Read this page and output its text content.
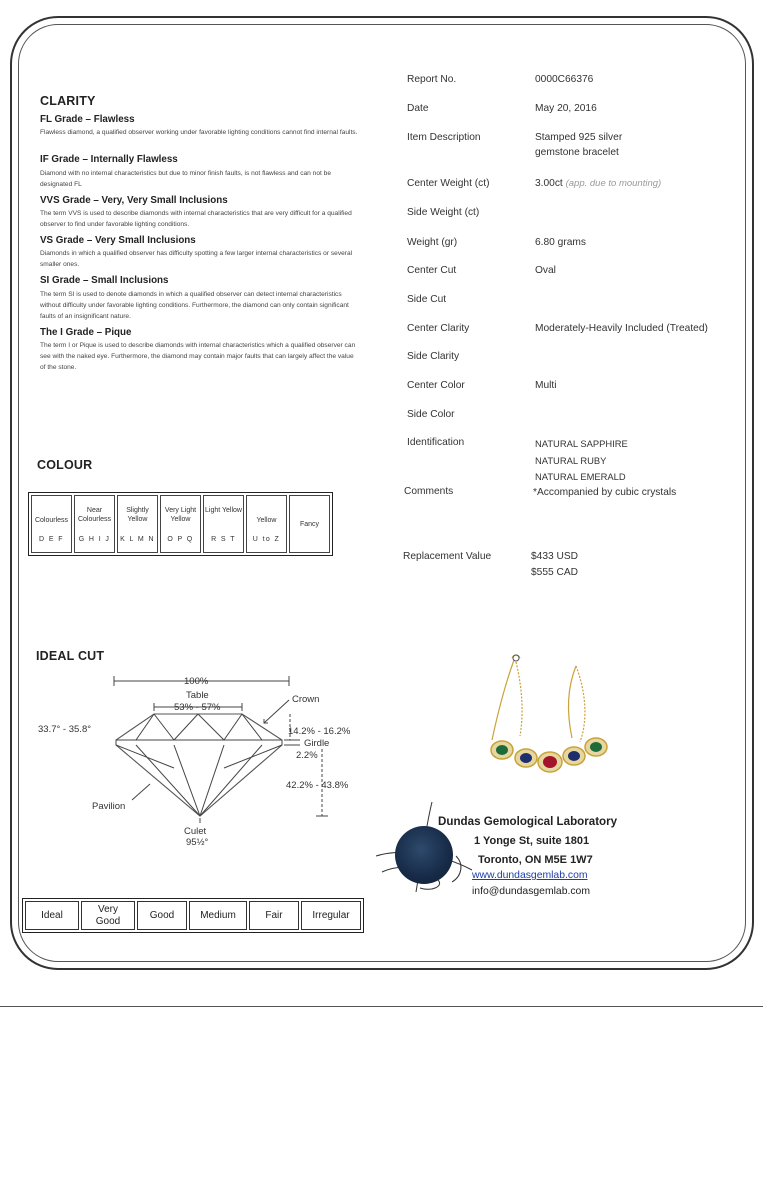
CLARITY
FL Grade – Flawless
Flawless diamond, a qualified observer working under favorable lighting conditions cannot find internal faults.
IF Grade – Internally Flawless
Diamond with no internal characteristics but due to minor finish faults, is not flawless and can not be designated FL
VVS Grade – Very, Very Small Inclusions
The term VVS is used to describe diamonds with internal characteristics that are very difficult for a qualified observer to find under favorable lighting conditions.
VS Grade – Very Small Inclusions
Diamonds in which a qualified observer has difficulty spotting a few larger internal characteristics or several smaller ones.
SI Grade – Small Inclusions
The term SI is used to denote diamonds in which a qualified observer can detect internal characteristics without difficulty under favorable lighting conditions. Furthermore, the diamond can only contain significant faults of an insignificant nature.
The I Grade – Pique
The term I or Pique is used to describe diamonds with internal characteristics which a qualified observer can see with the naked eye. Furthermore, the diamond may contain major faults that can largely affect the value of the stone.
COLOUR
Colourless
D E F

Near Colourless
G H I J

Slightly Yellow
K L M N

Very Light Yellow
O P Q

Light Yellow
R S T

Yellow
U to Z
	Fancy
IDEAL CUT
100%
Table
53% - 57%
Crown
33.7° - 35.8°	14.2% - 16.2%
Girdle
2.2%
42.2% - 43.8%
Pavilion
Culet
95½°
Ideal	Very Good	Good	Medium	Fair	Irregular
Report No.	0000C66376
Date	May 20, 2016
Item Description	Stamped 925 silver
gemstone bracelet
Center Weight (ct)	3.00ct (app. due to mounting)
Side Weight (ct)
Weight (gr)	6.80 grams
Center Cut	Oval
Side Cut
Center Clarity	Moderately-Heavily Included (Treated)
Side Clarity
Center Color	Multi
Side Color
Identification	NATURAL SAPPHIRE
NATURAL RUBY
NATURAL EMERALD
Comments	*Accompanied by cubic crystals
Replacement Value	$433 USD
$555 CAD
Dundas Gemological Laboratory
1 Yonge St, suite 1801
Toronto, ON M5E 1W7
www.dundasgemlab.com
info@dundasgemlab.com
